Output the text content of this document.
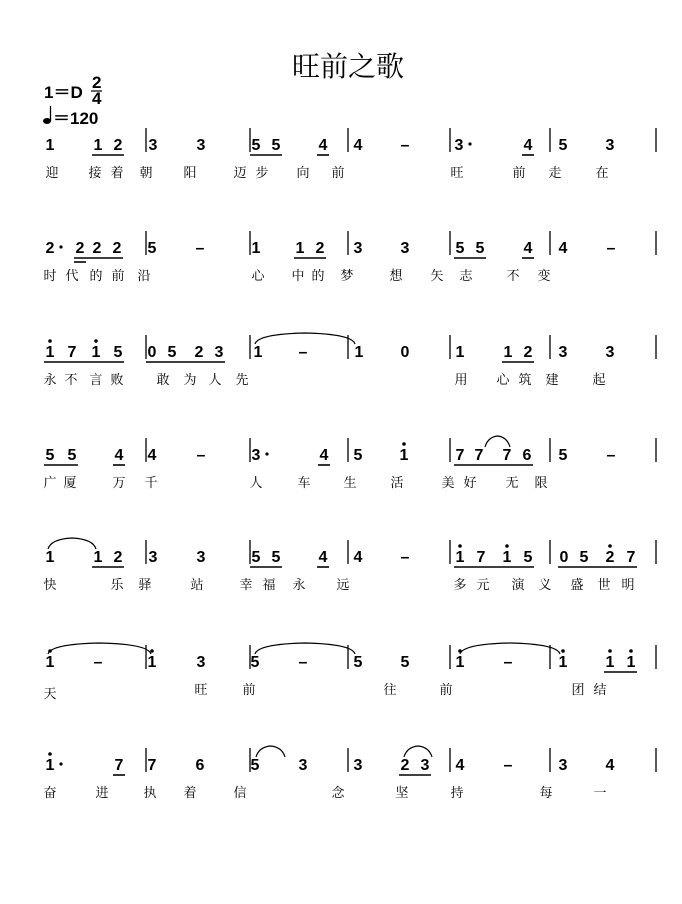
旺前之歌
1＝D
2
4
＝120
1 1 2 3 3	5 5 4 4 –	3	4 5 3
迎 接 着 朝 阳	迈 步 向 前	旺	前 走	在
2 2 2 2 5 –	1 1 2 3 3	5 5 4 4 –
时 代 的 前 沿	心 中 的 梦	想 矢 志	不 变
1 7 1 5 0 5 2 3 1 –	1 0	1 1 2 3 3
永 不 言 败	敢 为 人 先	用 心 筑 建	起
5 5 4 4	–	3	4 5 1	7 7 7 6 5 –
广 厦	万 千	人	车	生	活	美 好 无 限
1 1 2 3 3	5 5 4 4 –	1 7 1 5 0 5 2 7
快	乐 驿	站	幸 福 永 远	多 元 演 义 盛 世 明
1 –	1	3	5 –	5 5	1 –	1 1 1
天	旺	前	往	前	团 结
1	7 7 6	5 3	3 2 3 4 –	3 4
奋	进	执 着	信	念	坚	持	每	一
